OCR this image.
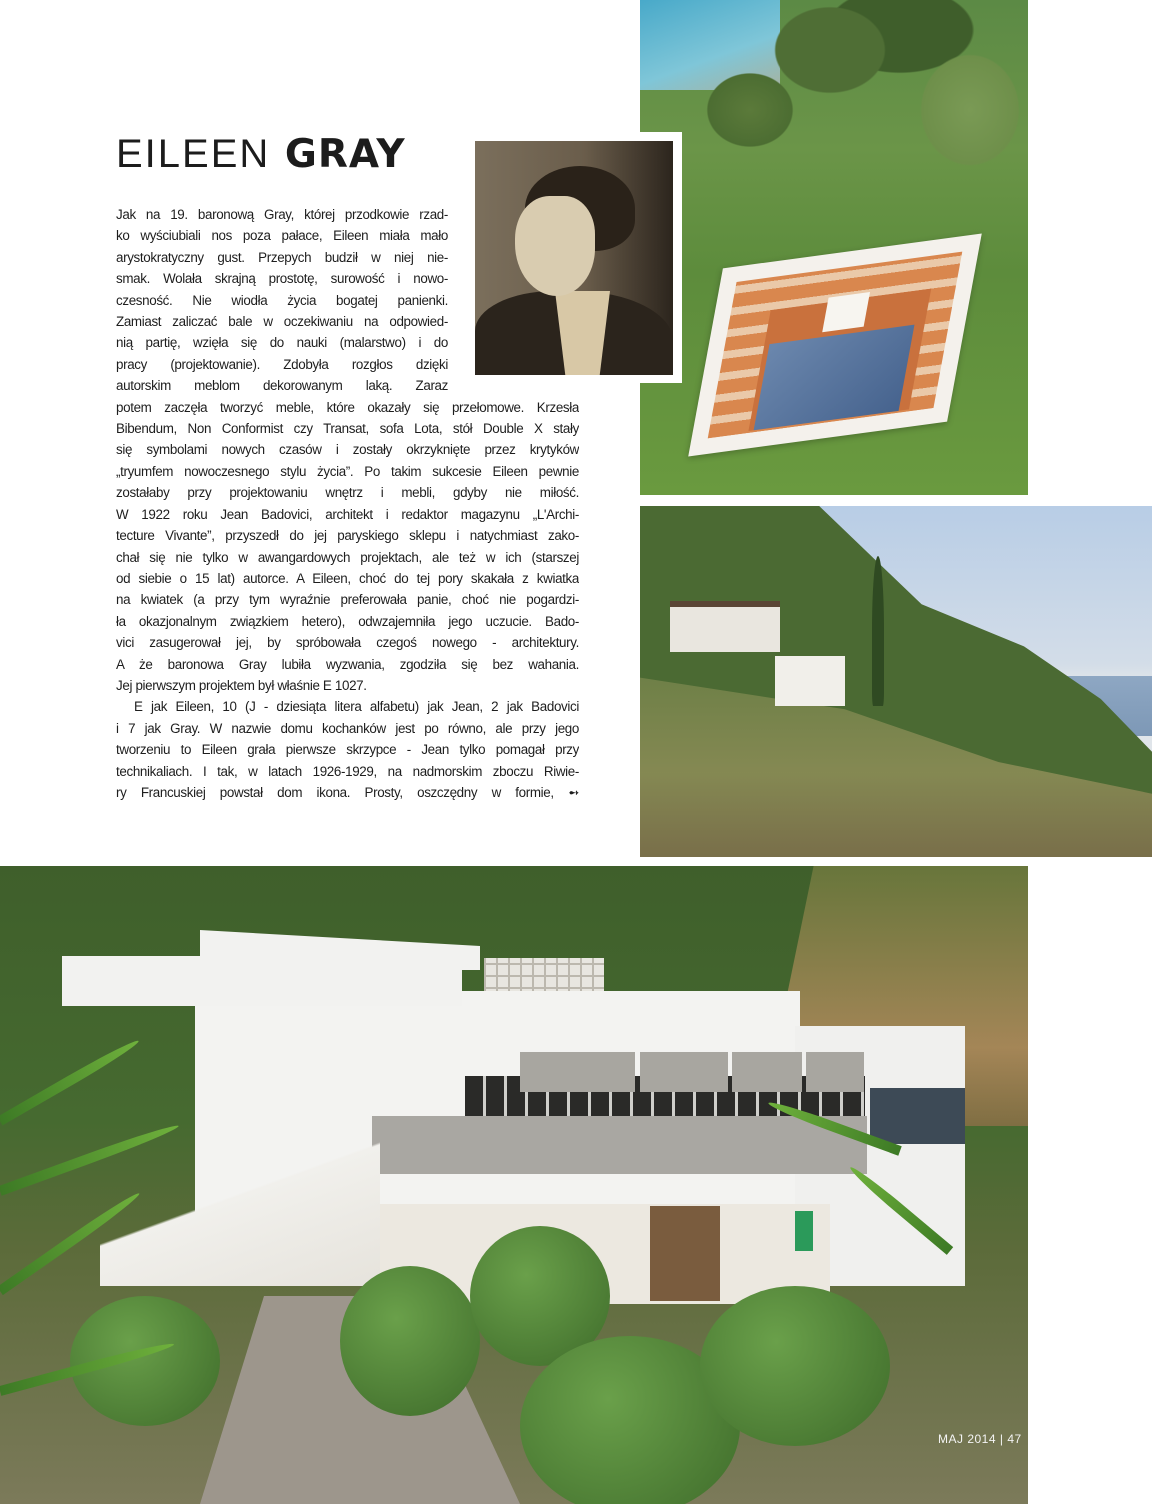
EILEEN GRAY
Jak na 19. baronową Gray, której przodkowie rzad-
ko wyściubiali nos poza pałace, Eileen miała mało
arystokratyczny gust. Przepych budził w niej nie-
smak. Wolała skrajną prostotę, surowość i nowo-
czesność. Nie wiodła życia bogatej panienki.
Zamiast zaliczać bale w oczekiwaniu na odpowied-
nią partię, wzięła się do nauki (malarstwo) i do
pracy (projektowanie). Zdobyła rozgłos dzięki
autorskim meblom dekorowanym laką. Zaraz
potem zaczęła tworzyć meble, które okazały się przełomowe. Krzesła
Bibendum, Non Conformist czy Transat, sofa Lota, stół Double X stały
się symbolami nowych czasów i zostały okrzyknięte przez krytyków
„tryumfem nowoczesnego stylu życia”. Po takim sukcesie Eileen pewnie
zostałaby przy projektowaniu wnętrz i mebli, gdyby nie miłość.
W 1922 roku Jean Badovici, architekt i redaktor magazynu „L'Archi-
tecture Vivante”, przyszedł do jej paryskiego sklepu i natychmiast zako-
chał się nie tylko w awangardowych projektach, ale też w ich (starszej
od siebie o 15 lat) autorce. A Eileen, choć do tej pory skakała z kwiatka
na kwiatek (a przy tym wyraźnie preferowała panie, choć nie pogardzi-
ła okazjonalnym związkiem hetero), odwzajemniła jego uczucie. Bado-
vici zasugerował jej, by spróbowała czegoś nowego - architektury.
A że baronowa Gray lubiła wyzwania, zgodziła się bez wahania.
Jej pierwszym projektem był właśnie E 1027.
E jak Eileen, 10 (J - dziesiąta litera alfabetu) jak Jean, 2 jak Badovici
i 7 jak Gray. W nazwie domu kochanków jest po równo, ale przy jego
tworzeniu to Eileen grała pierwsze skrzypce - Jean tylko pomagał przy
technikaliach. I tak, w latach 1926-1929, na nadmorskim zboczu Riwie-
ry Francuskiej powstał dom ikona. Prosty, oszczędny w formie, ➻
MAJ 2014 | 47
